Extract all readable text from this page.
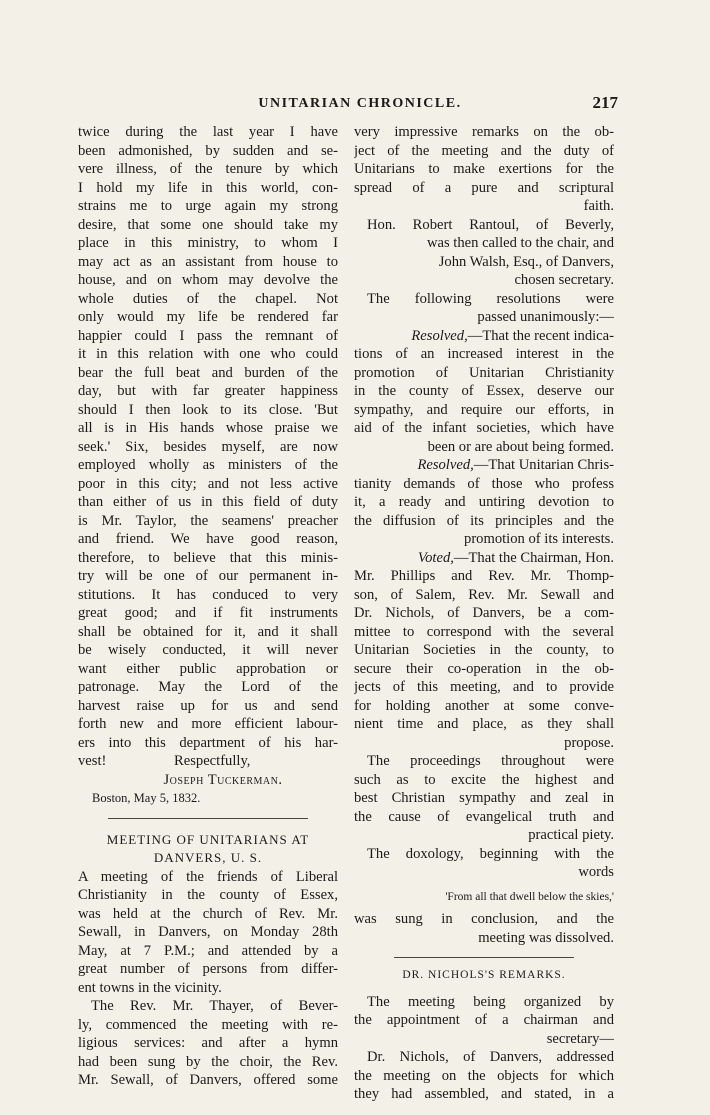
UNITARIAN CHRONICLE.	217
twice during the last year I have
been admonished, by sudden and se-
vere illness, of the tenure by which
I hold my life in this world, con-
strains me to urge again my strong
desire, that some one should take my
place in this ministry, to whom I
may act as an assistant from house to
house, and on whom may devolve the
whole duties of the chapel. Not
only would my life be rendered far
happier could I pass the remnant of
it in this relation with one who could
bear the full beat and burden of the
day, but with far greater happiness
should I then look to its close. 'But
all is in His hands whose praise we
seek.' Six, besides myself, are now
employed wholly as ministers of the
poor in this city; and not less active
than either of us in this field of duty
is Mr. Taylor, the seamens' preacher
and friend. We have good reason,
therefore, to believe that this minis-
try will be one of our permanent in-
stitutions. It has conduced to very
great good; and if fit instruments
shall be obtained for it, and it shall
be wisely conducted, it will never
want either public approbation or
patronage. May the Lord of the
harvest raise up for us and send
forth new and more efficient labour-
ers into this department of his har-
vest!	Respectfully,
Joseph Tuckerman.
Boston, May 5, 1832.
MEETING OF UNITARIANS AT
DANVERS, U. S.
A meeting of the friends of Liberal
Christianity in the county of Essex,
was held at the church of Rev. Mr.
Sewall, in Danvers, on Monday 28th
May, at 7 P.M.; and attended by a
great number of persons from differ-
ent towns in the vicinity.
The Rev. Mr. Thayer, of Bever-
ly, commenced the meeting with re-
ligious services: and after a hymn
had been sung by the choir, the Rev.
Mr. Sewall, of Danvers, offered some
very impressive remarks on the ob-
ject of the meeting and the duty of
Unitarians to make exertions for the
spread of a pure and scriptural
faith.
Hon. Robert Rantoul, of Beverly,
was then called to the chair, and
John Walsh, Esq., of Danvers,
chosen secretary.
The following resolutions were
passed unanimously:—
Resolved,—That the recent indica-
tions of an increased interest in the
promotion of Unitarian Christianity
in the county of Essex, deserve our
sympathy, and require our efforts, in
aid of the infant societies, which have
been or are about being formed.
Resolved,—That Unitarian Chris-
tianity demands of those who profess
it, a ready and untiring devotion to
the diffusion of its principles and the
promotion of its interests.
Voted,—That the Chairman, Hon.
Mr. Phillips and Rev. Mr. Thomp-
son, of Salem, Rev. Mr. Sewall and
Dr. Nichols, of Danvers, be a com-
mittee to correspond with the several
Unitarian Societies in the county, to
secure their co-operation in the ob-
jects of this meeting, and to provide
for holding another at some conve-
nient time and place, as they shall
propose.
The proceedings throughout were
such as to excite the highest and
best Christian sympathy and zeal in
the cause of evangelical truth and
practical piety.
The doxology, beginning with the
words
'From all that dwell below the skies,'
was sung in conclusion, and the
meeting was dissolved.
DR. NICHOLS'S REMARKS.
The meeting being organized by
the appointment of a chairman and
secretary—
Dr. Nichols, of Danvers, addressed
the meeting on the objects for which
they had assembled, and stated, in a
